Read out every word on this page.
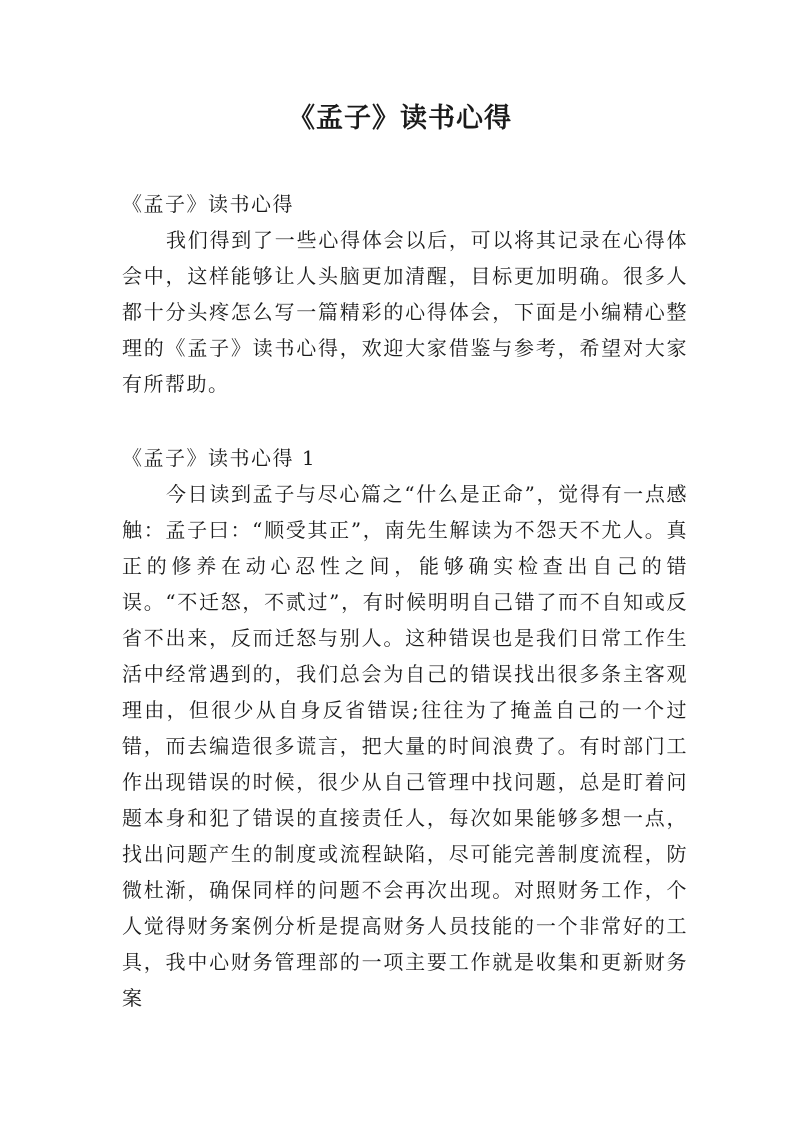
《孟子》读书心得

《孟子》读书心得

我们得到了一些心得体会以后，可以将其记录在心得体会中，这样能够让人头脑更加清醒，目标更加明确。很多人都十分头疼怎么写一篇精彩的心得体会，下面是小编精心整理的《孟子》读书心得，欢迎大家借鉴与参考，希望对大家有所帮助。

《孟子》读书心得 1

今日读到孟子与尽心篇之“什么是正命”，觉得有一点感触：孟子曰：“顺受其正”，南先生解读为不怨天不尤人。真正的修养在动心忍性之间，能够确实检查出自己的错误。“不迁怒，不贰过”，有时候明明自己错了而不自知或反省不出来，反而迁怒与别人。这种错误也是我们日常工作生活中经常遇到的，我们总会为自己的错误找出很多条主客观理由，但很少从自身反省错误;往往为了掩盖自己的一个过错，而去编造很多谎言，把大量的时间浪费了。有时部门工作出现错误的时候，很少从自己管理中找问题，总是盯着问题本身和犯了错误的直接责任人，每次如果能够多想一点，找出问题产生的制度或流程缺陷，尽可能完善制度流程，防微杜渐，确保同样的问题不会再次出现。对照财务工作，个人觉得财务案例分析是提高财务人员技能的一个非常好的工具，我中心财务管理部的一项主要工作就是收集和更新财务案
